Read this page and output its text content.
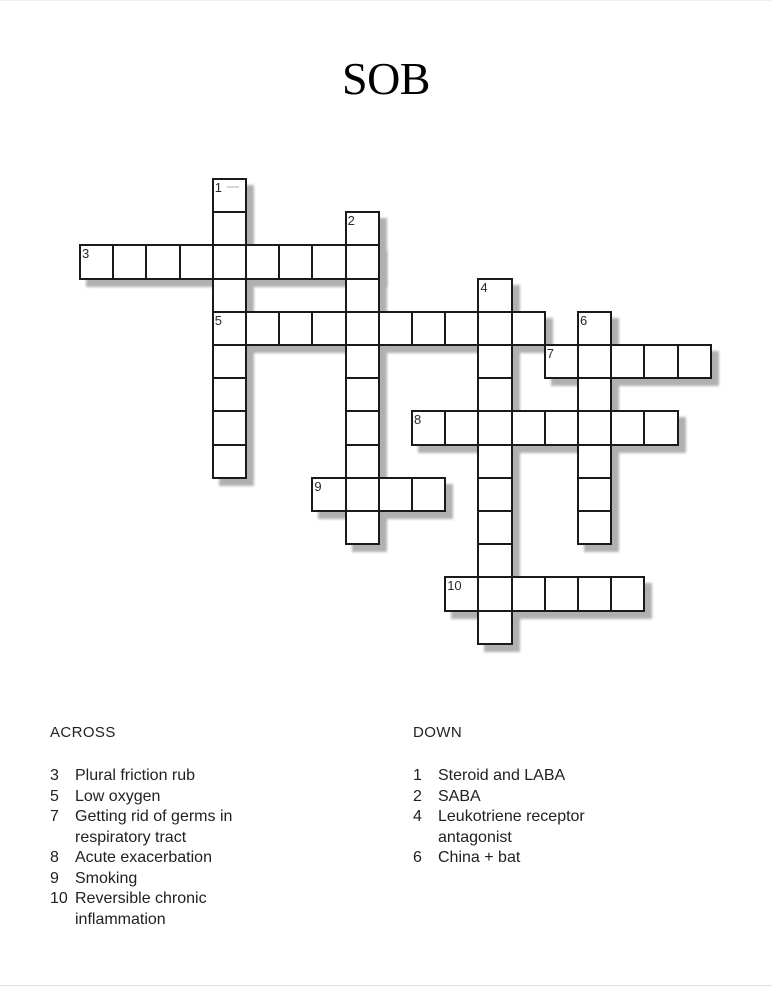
SOB
1
2
3
4
5	6
7
8
9
10
ACROSS
3	Plural friction rub
5	Low oxygen
7	Getting rid of germs in respiratory tract
8	Acute exacerbation
9	Smoking
10 Reversible chronic inflammation
DOWN
1	Steroid and LABA
2	SABA
4	Leukotriene receptor antagonist
6	China + bat
